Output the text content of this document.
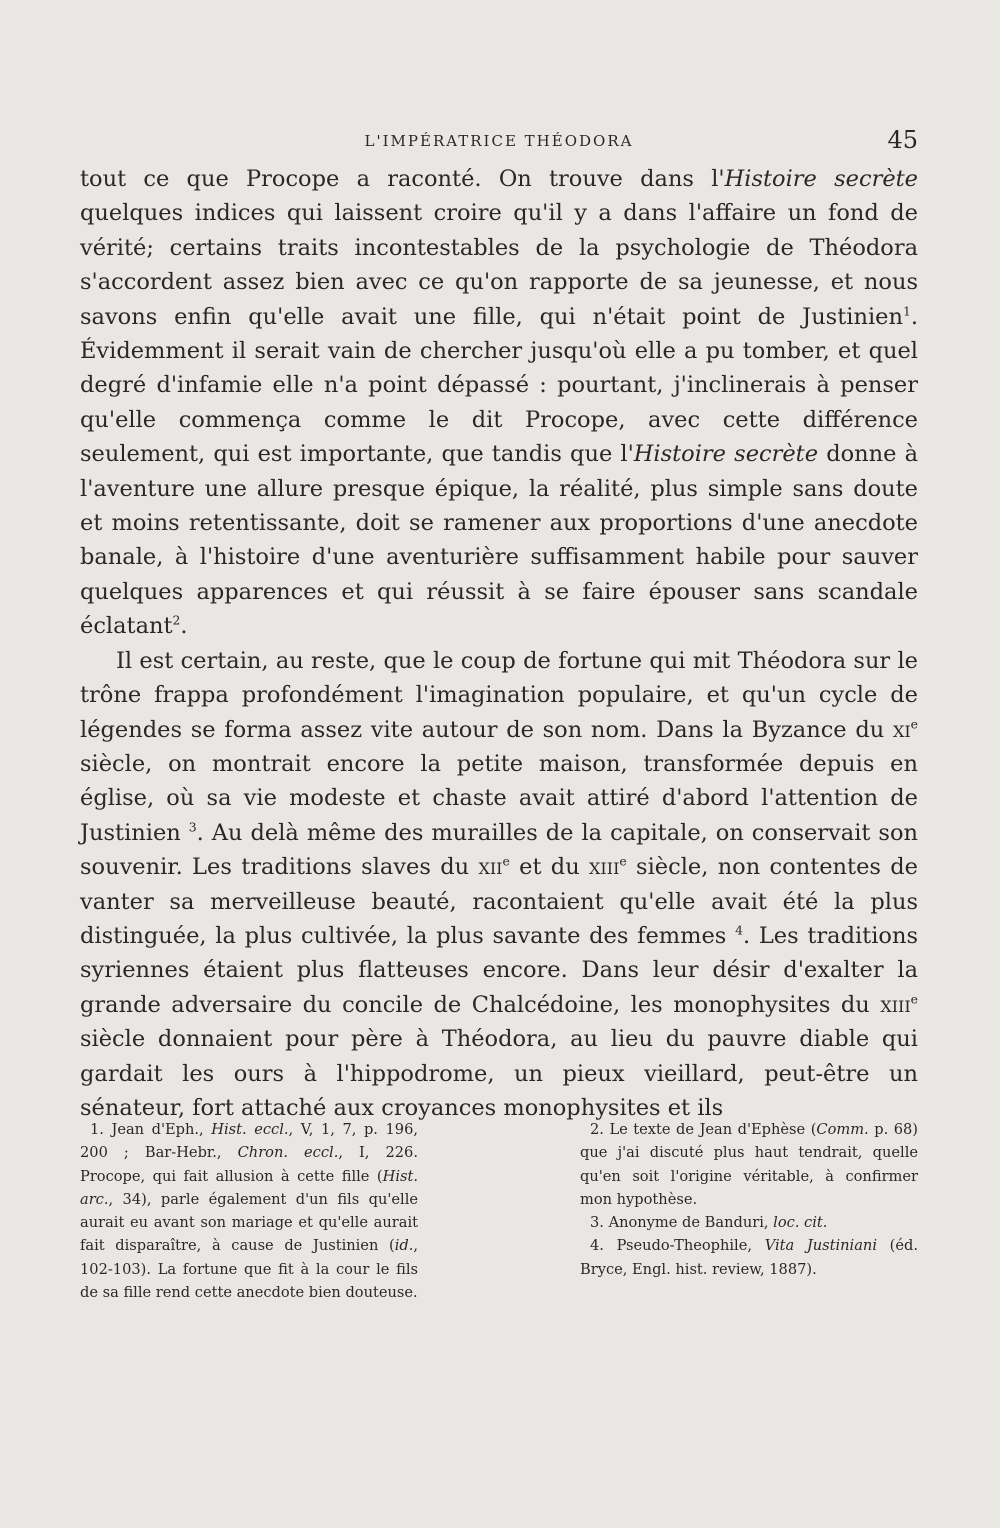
L'IMPÉRATRICE THÉODORA	45

tout ce que Procope a raconté. On trouve dans l'Histoire secrète quelques indices qui laissent croire qu'il y a dans l'affaire un fond de vérité; certains traits incontestables de la psychologie de Théodora s'accordent assez bien avec ce qu'on rapporte de sa jeunesse, et nous savons enfin qu'elle avait une fille, qui n'était point de Justinien$^1$. Évidemment il serait vain de chercher jusqu'où elle a pu tomber, et quel degré d'infamie elle n'a point dépassé : pourtant, j'inclinerais à penser qu'elle commença comme le dit Procope, avec cette différence seulement, qui est importante, que tandis que l'Histoire secrète donne à l'aventure une allure presque épique, la réalité, plus simple sans doute et moins retentissante, doit se ramener aux proportions d'une anecdote banale, à l'histoire d'une aventurière suffisamment habile pour sauver quelques apparences et qui réussit à se faire épouser sans scandale éclatant$^2$.

Il est certain, au reste, que le coup de fortune qui mit Théodora sur le trône frappa profondément l'imagination populaire, et qu'un cycle de légendes se forma assez vite autour de son nom. Dans la Byzance du $xi^e$ siècle, on montrait encore la petite maison, transformée depuis en église, où sa vie modeste et chaste avait attiré d'abord l'attention de Justinien $^3$. Au delà même des murailles de la capitale, on conservait son souvenir. Les traditions slaves du xii$^e$ et du xiii$^e$ siècle, non contentes de vanter sa merveilleuse beauté, racontaient qu'elle avait été la plus distinguée, la plus cultivée, la plus savante des femmes $^4$. Les traditions syriennes étaient plus flatteuses encore. Dans leur désir d'exalter la grande adversaire du concile de Chalcédoine, les monophysites du xiii$^e$ siècle donnaient pour père à Théodora, au lieu du pauvre diable qui gardait les ours à l'hippodrome, un pieux vieillard, peut-être un sénateur, fort attaché aux croyances monophysites et ils

1. Jean d'Eph., Hist. eccl., V, 1, 7, p. 196, 200 ; Bar-Hebr., Chron. eccl., I, 226. Procope, qui fait allusion à cette fille (Hist. arc., 34), parle également d'un fils qu'elle aurait eu avant son mariage et qu'elle aurait fait disparaître, à cause de Justinien (id., 102-103). La fortune que fit à la cour le fils de sa fille rend cette anecdote bien douteuse.

2. Le texte de Jean d'Ephèse (Comm. p. 68) que j'ai discuté plus haut tendrait, quelle qu'en soit l'origine véritable, à confirmer mon hypothèse.

3. Anonyme de Banduri, loc. cit.

4. Pseudo-Theophile, Vita Justiniani (éd. Bryce, Engl. hist. review, 1887).
